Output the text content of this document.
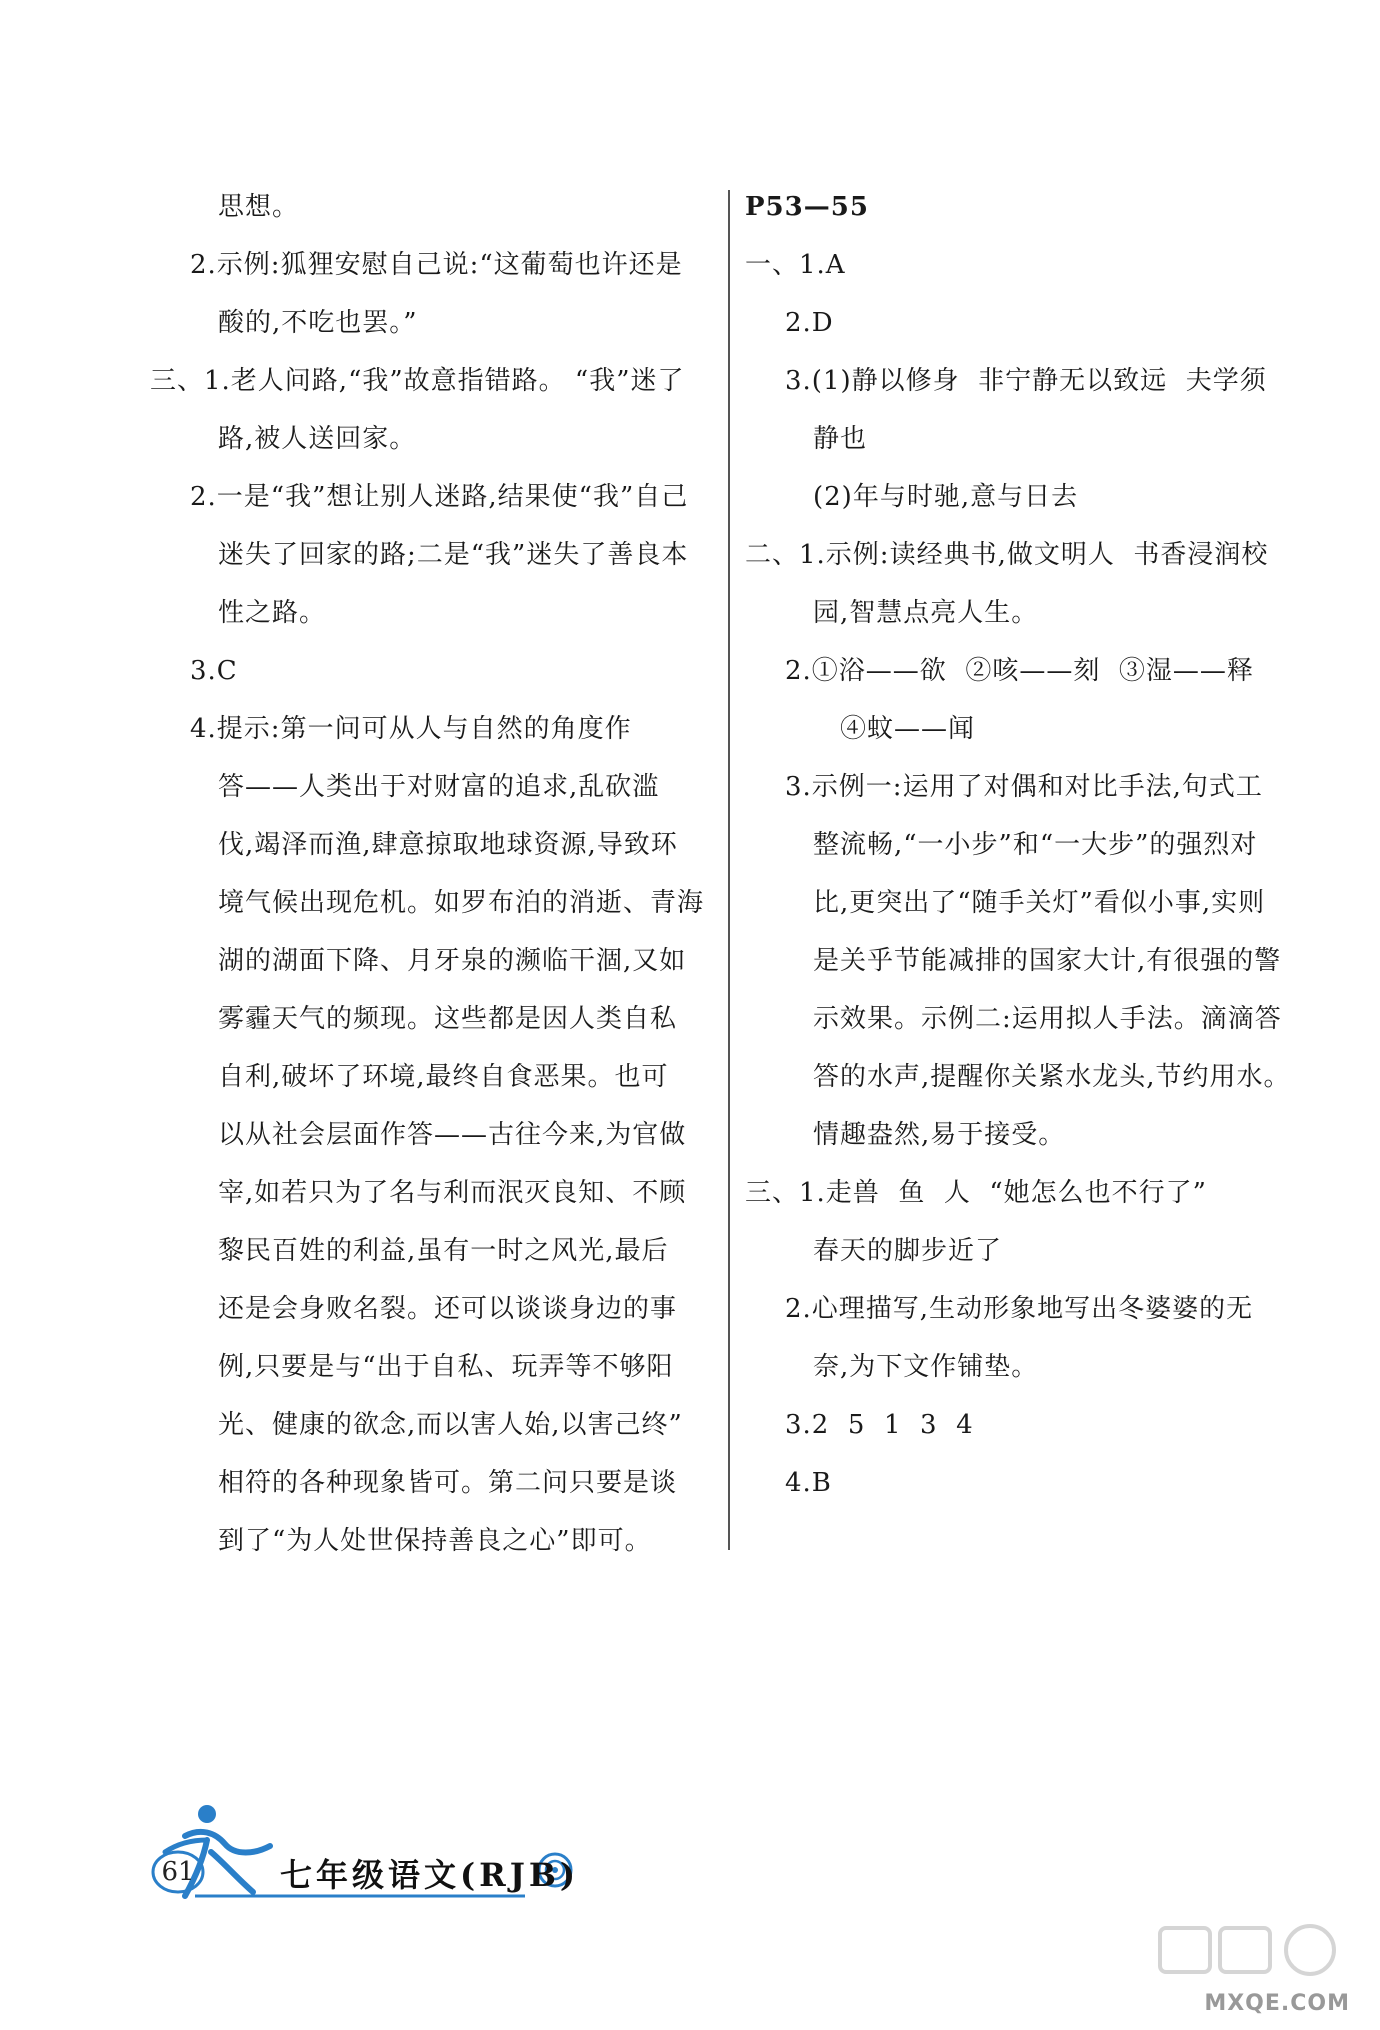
思想。
2.示例:狐狸安慰自己说:“这葡萄也许还是
酸的,不吃也罢。”
三、1.老人问路,“我”故意指错路。 “我”迷了
路,被人送回家。
2.一是“我”想让别人迷路,结果使“我”自己
迷失了回家的路;二是“我”迷失了善良本
性之路。
3.C
4.提示:第一问可从人与自然的角度作
答——人类出于对财富的追求,乱砍滥
伐,竭泽而渔,肆意掠取地球资源,导致环
境气候出现危机。如罗布泊的消逝、青海
湖的湖面下降、月牙泉的濒临干涸,又如
雾霾天气的频现。这些都是因人类自私
自利,破坏了环境,最终自食恶果。也可
以从社会层面作答——古往今来,为官做
宰,如若只为了名与利而泯灭良知、不顾
黎民百姓的利益,虽有一时之风光,最后
还是会身败名裂。还可以谈谈身边的事
例,只要是与“出于自私、玩弄等不够阳
光、健康的欲念,而以害人始,以害己终”
相符的各种现象皆可。第二问只要是谈
到了“为人处世保持善良之心”即可。
P53—55
一、1.A
2.D
3.(1)静以修身  非宁静无以致远  夫学须
静也
(2)年与时驰,意与日去
二、1.示例:读经典书,做文明人  书香浸润校
园,智慧点亮人生。
2.①浴——欲  ②咳——刻  ③湿——释
④蚊——闻
3.示例一:运用了对偶和对比手法,句式工
整流畅,“一小步”和“一大步”的强烈对
比,更突出了“随手关灯”看似小事,实则
是关乎节能减排的国家大计,有很强的警
示效果。示例二:运用拟人手法。滴滴答
答的水声,提醒你关紧水龙头,节约用水。
情趣盎然,易于接受。
三、1.走兽  鱼  人  “她怎么也不行了”
春天的脚步近了
2.心理描写,生动形象地写出冬婆婆的无
奈,为下文作铺垫。
3.2  5  1  3  4
4.B
61	七年级语文(RJB)
MXQE.COM
